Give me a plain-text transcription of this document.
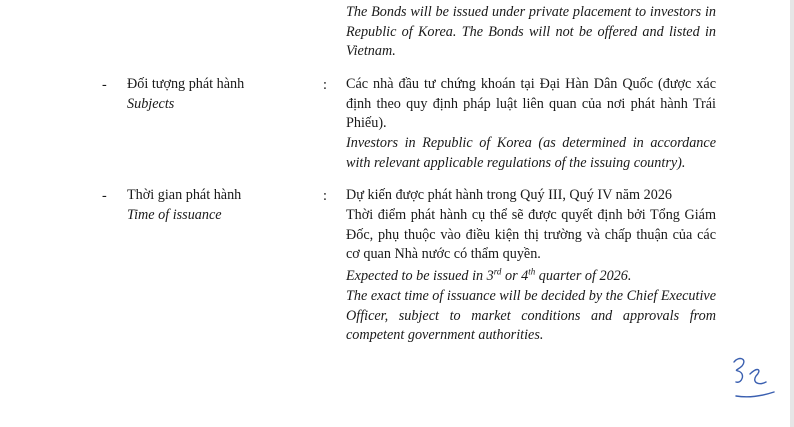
The Bonds will be issued under private placement to investors in Republic of Korea. The Bonds will not be offered and listed in Vietnam.

- Đối tượng phát hành
Subjects
: Các nhà đầu tư chứng khoán tại Đại Hàn Dân Quốc (được xác định theo quy định pháp luật liên quan của nơi phát hành Trái Phiếu).

Investors in Republic of Korea (as determined in accordance with relevant applicable regulations of the issuing country).

- Thời gian phát hành
Time of issuance
: Dự kiến được phát hành trong Quý III, Quý IV năm 2026

Thời điểm phát hành cụ thể sẽ được quyết định bởi Tổng Giám Đốc, phụ thuộc vào điều kiện thị trường và chấp thuận của các cơ quan Nhà nước có thẩm quyền.

Expected to be issued in 3rd or 4th quarter of 2026.

The exact time of issuance will be decided by the Chief Executive Officer, subject to market conditions and approvals from competent government authorities.
